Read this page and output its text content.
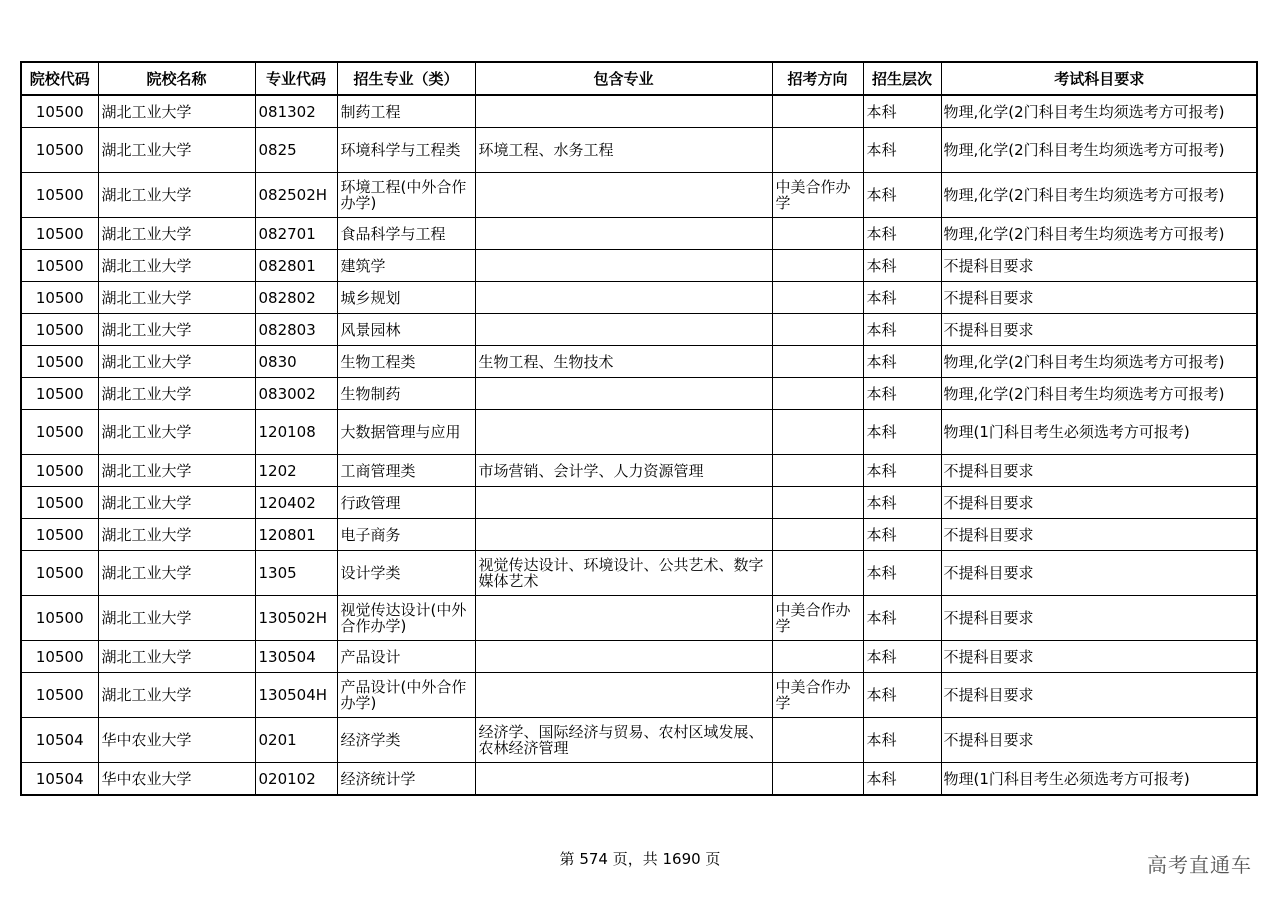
院校代码	院校名称	专业代码	招生专业（类）	包含专业	招考方向	招生层次	考试科目要求
10500	湖北工业大学	081302	制药工程			本科	物理,化学(2门科目考生均须选考方可报考)
10500	湖北工业大学	0825	环境科学与工程类	环境工程、水务工程		本科	物理,化学(2门科目考生均须选考方可报考)
10500	湖北工业大学	082502H	环境工程(中外合作办学)		中美合作办学	本科	物理,化学(2门科目考生均须选考方可报考)
10500	湖北工业大学	082701	食品科学与工程			本科	物理,化学(2门科目考生均须选考方可报考)
10500	湖北工业大学	082801	建筑学			本科	不提科目要求
10500	湖北工业大学	082802	城乡规划			本科	不提科目要求
10500	湖北工业大学	082803	风景园林			本科	不提科目要求
10500	湖北工业大学	0830	生物工程类	生物工程、生物技术		本科	物理,化学(2门科目考生均须选考方可报考)
10500	湖北工业大学	083002	生物制药			本科	物理,化学(2门科目考生均须选考方可报考)
10500	湖北工业大学	120108	大数据管理与应用			本科	物理(1门科目考生必须选考方可报考)
10500	湖北工业大学	1202	工商管理类	市场营销、会计学、人力资源管理		本科	不提科目要求
10500	湖北工业大学	120402	行政管理			本科	不提科目要求
10500	湖北工业大学	120801	电子商务			本科	不提科目要求
10500	湖北工业大学	1305	设计学类	视觉传达设计、环境设计、公共艺术、数字媒体艺术		本科	不提科目要求
10500	湖北工业大学	130502H	视觉传达设计(中外合作办学)		中美合作办学	本科	不提科目要求
10500	湖北工业大学	130504	产品设计			本科	不提科目要求
10500	湖北工业大学	130504H	产品设计(中外合作办学)		中美合作办学	本科	不提科目要求
10504	华中农业大学	0201	经济学类	经济学、国际经济与贸易、农村区域发展、农林经济管理		本科	不提科目要求
10504	华中农业大学	020102	经济统计学			本科	物理(1门科目考生必须选考方可报考)
第 574 页，共 1690 页	高考直通车
